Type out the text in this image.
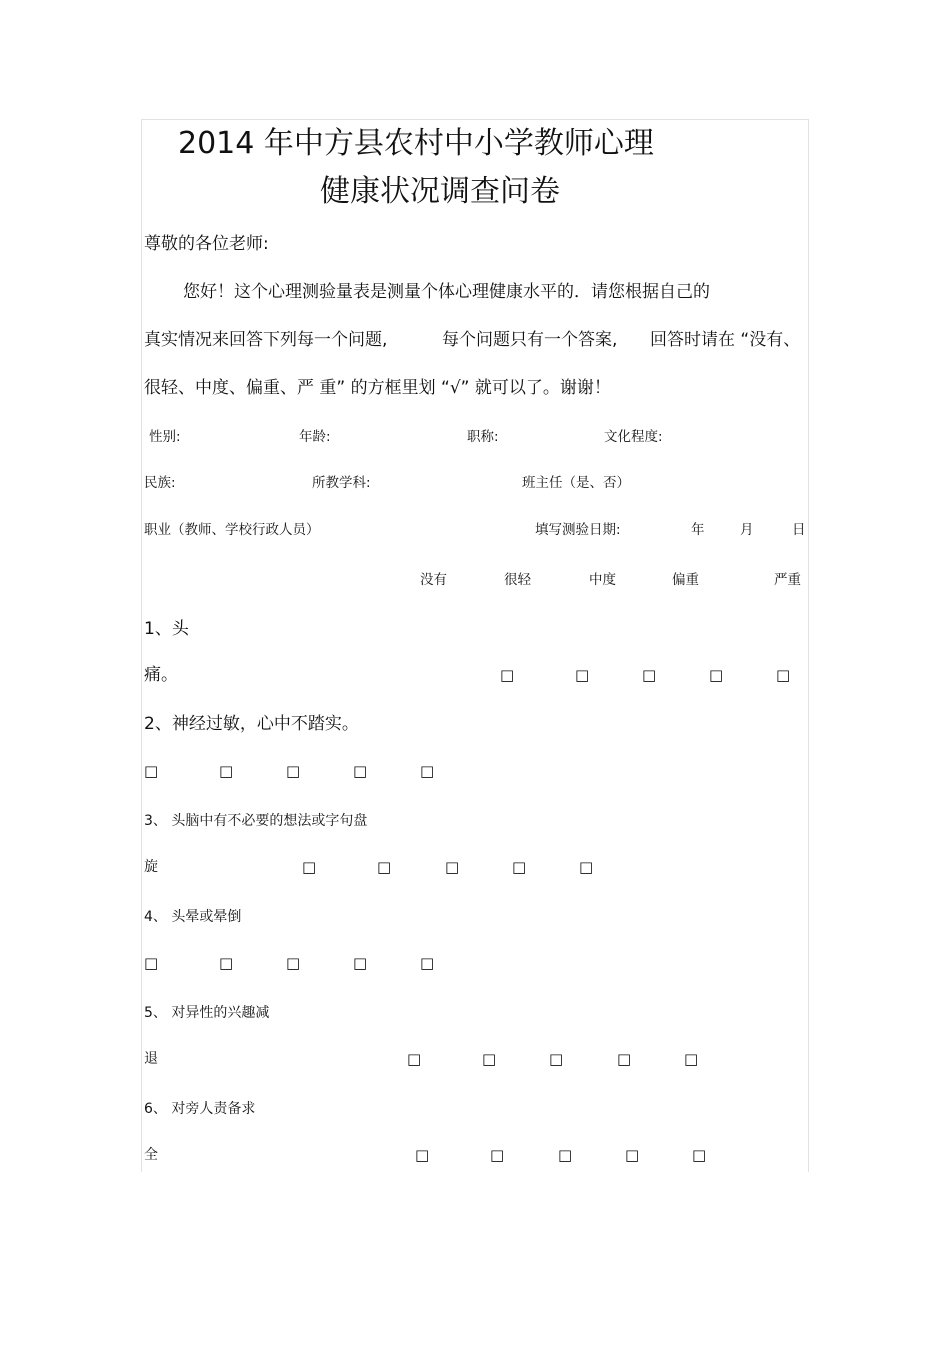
2014 年中方县农村中小学教师心理
健康状况调查问卷
尊敬的各位老师:
您好！这个心理测验量表是测量个体心理健康水平的．请您根据自己的
真实情况来回答下列每一个问题,	每个问题只有一个答案, 回答时请在 “没有、
很轻、中度、偏重、严 重” 的方框里划 “√” 就可以了。谢谢！
性别:	年龄:	职称:	文化程度:
民族:	所教学科:	班主任（是、否）
职业（教师、学校行政人员）	填写测验日期:	年	月	日
没有	很轻	中度	偏重	严重
1、头
痛。	□	□	□	□	□
2、神经过敏，心中不踏实。
□	□	□	□	□
3、 头脑中有不必要的想法或字句盘
旋	□	□	□	□	□
4、 头晕或晕倒
□	□	□	□	□
5、 对异性的兴趣减
退	□	□	□	□	□
6、 对旁人责备求
全	□	□	□	□	□
